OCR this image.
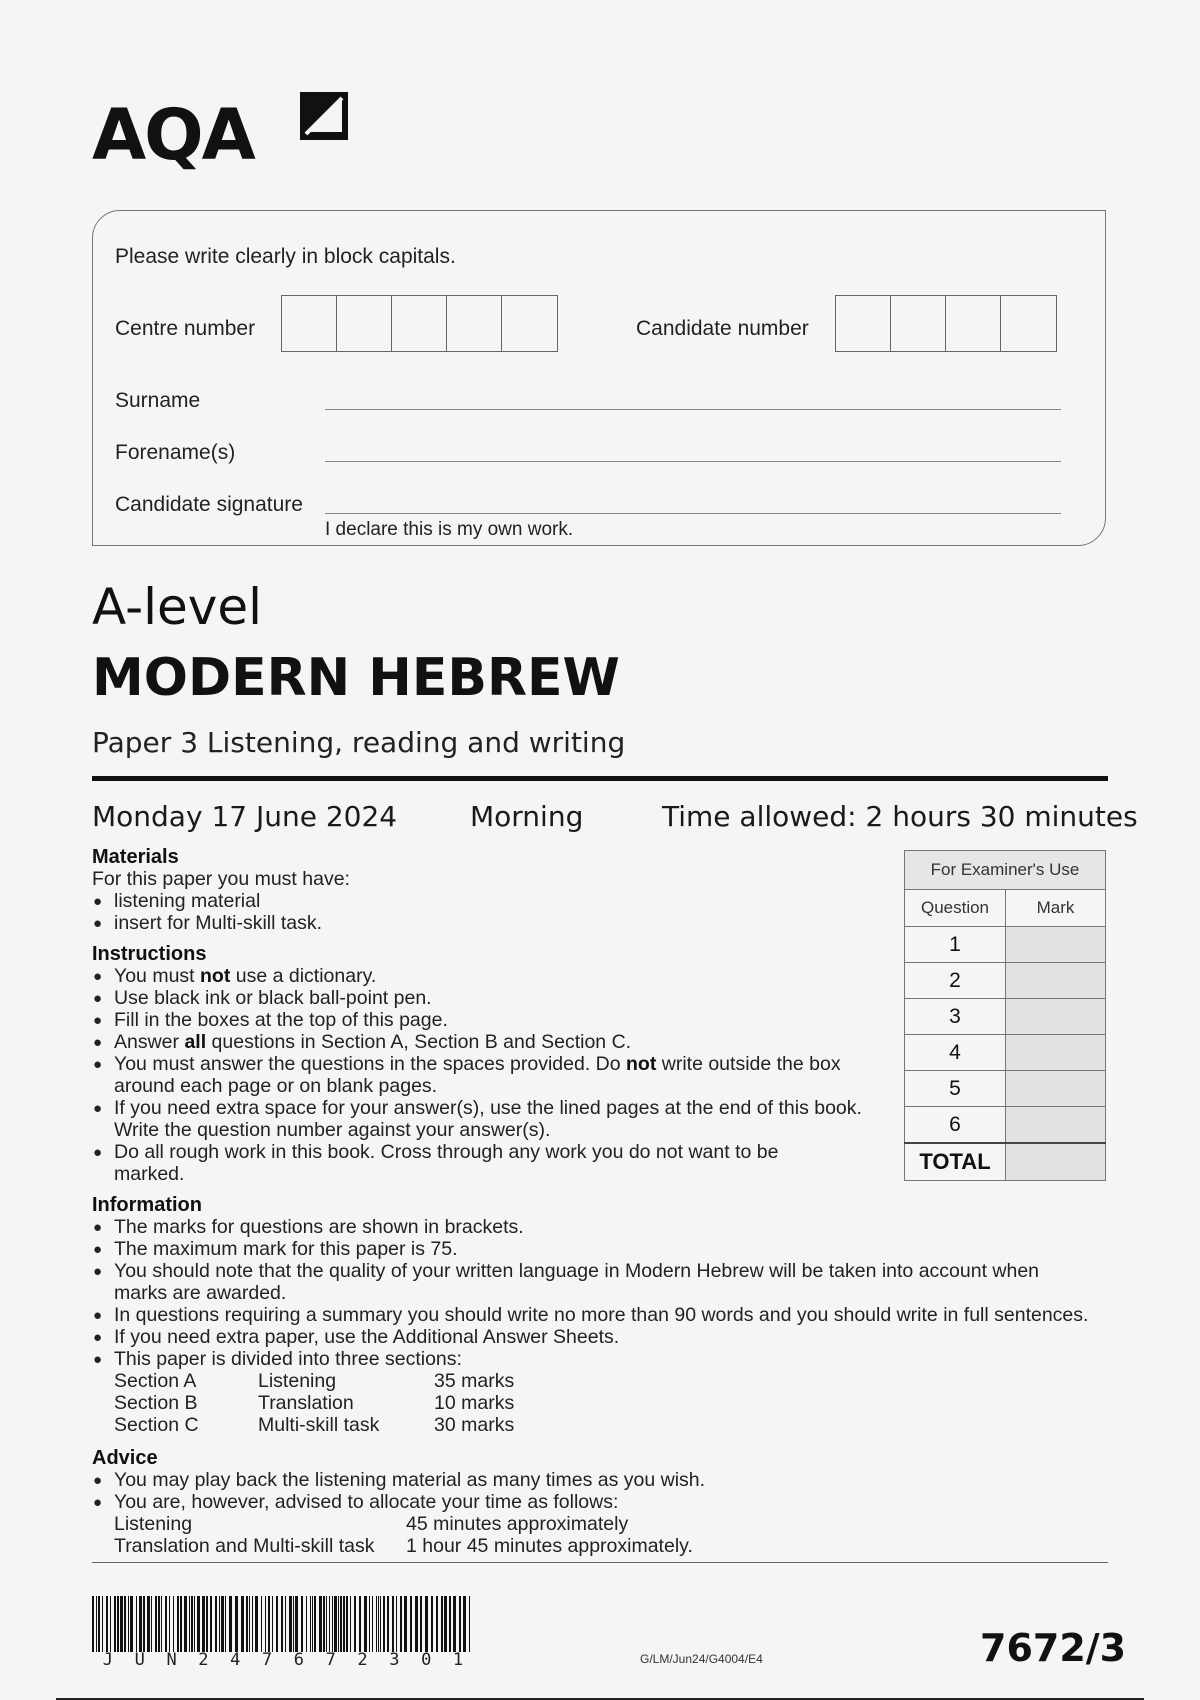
AQA
Please write clearly in block capitals.
Centre number	Candidate number
Surname
Forename(s)
Candidate signature
I declare this is my own work.
A-level
MODERN HEBREW
Paper 3 Listening, reading and writing
Monday 17 June 2024	Morning	Time allowed: 2 hours 30 minutes
For Examiner's Use	
Question	Mark
1	
2	
3	
4	
5	
6	
TOTAL	
Materials
For this paper you must have:
● listening material
● insert for Multi-skill task.
Instructions
● You must not use a dictionary.
● Use black ink or black ball-point pen.
● Fill in the boxes at the top of this page.
● Answer all questions in Section A, Section B and Section C.
● You must answer the questions in the spaces provided. Do not write outside the box
around each page or on blank pages.
● If you need extra space for your answer(s), use the lined pages at the end of this book.
Write the question number against your answer(s).
● Do all rough work in this book. Cross through any work you do not want to be
marked.
Information
● The marks for questions are shown in brackets.
● The maximum mark for this paper is 75.
● You should note that the quality of your written language in Modern Hebrew will be taken into account when
marks are awarded.
● In questions requiring a summary you should write no more than 90 words and you should write in full sentences.
● If you need extra paper, use the Additional Answer Sheets.
● This paper is divided into three sections:
Section A	Listening	35 marks
Section B	Translation	10 marks
Section C	Multi-skill task	30 marks
Advice
● You may play back the listening material as many times as you wish.
● You are, however, advised to allocate your time as follows:
Listening	45 minutes approximately
Translation and Multi-skill task 1 hour 45 minutes approximately.
J U N 2 4 7 6 7 2 3 0 1	G/LM/Jun24/G4004/E4	7672/3
